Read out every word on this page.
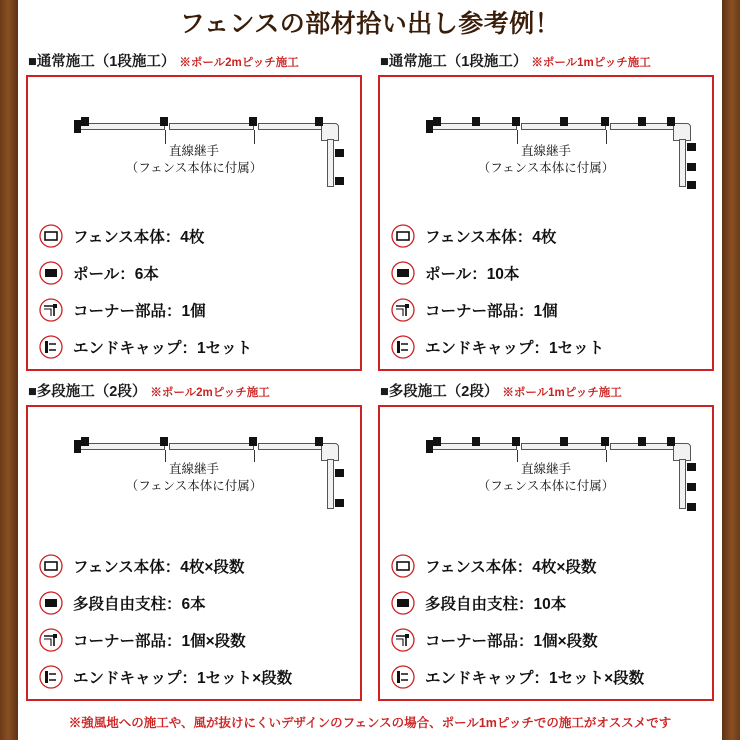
フェンスの部材拾い出し参考例！
■通常施工（1段施工） ※ポール2mピッチ施工
直線継手
（フェンス本体に付属）
フェンス本体：4枚
ポール：6本
コーナー部品：1個
エンドキャップ：1セット
■通常施工（1段施工） ※ポール1mピッチ施工
直線継手
（フェンス本体に付属）
フェンス本体：4枚
ポール：10本
コーナー部品：1個
エンドキャップ：1セット
■多段施工（2段） ※ポール2mピッチ施工
直線継手
（フェンス本体に付属）
フェンス本体：4枚×段数
多段自由支柱：6本
コーナー部品：1個×段数
エンドキャップ：1セット×段数
■多段施工（2段） ※ポール1mピッチ施工
直線継手
（フェンス本体に付属）
フェンス本体：4枚×段数
多段自由支柱：10本
コーナー部品：1個×段数
エンドキャップ：1セット×段数
※強風地への施工や、風が抜けにくいデザインのフェンスの場合、ポール1mピッチでの施工がオススメです
